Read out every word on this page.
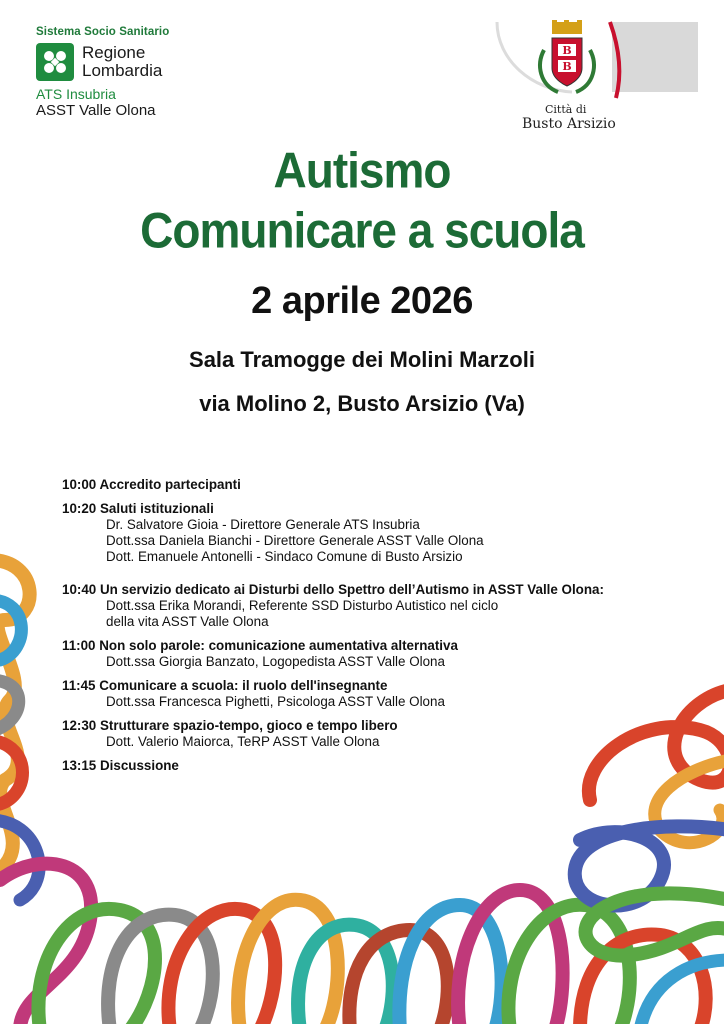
Sistema Socio Sanitario
Regione
Lombardia
ATS Insubria
ASST Valle Olona
B
B
Città di
Busto Arsizio
Autismo
Comunicare a scuola
2 aprile 2026
Sala Tramogge dei Molini Marzoli
via Molino 2, Busto Arsizio (Va)
10:00 Accredito partecipanti
10:20 Saluti istituzionali
Dr. Salvatore Gioia - Direttore Generale ATS Insubria
Dott.ssa Daniela Bianchi - Direttore Generale ASST Valle Olona
Dott. Emanuele Antonelli - Sindaco Comune di Busto Arsizio
10:40 Un servizio dedicato ai Disturbi dello Spettro dell’Autismo in ASST Valle Olona:
Dott.ssa Erika Morandi, Referente SSD Disturbo Autistico nel ciclo
della vita ASST Valle Olona
11:00 Non solo parole: comunicazione aumentativa alternativa
Dott.ssa Giorgia Banzato, Logopedista ASST Valle Olona
11:45 Comunicare a scuola: il ruolo dell'insegnante
Dott.ssa Francesca Pighetti, Psicologa ASST Valle Olona
12:30 Strutturare spazio-tempo, gioco e tempo libero
Dott. Valerio Maiorca, TeRP ASST Valle Olona
13:15 Discussione
